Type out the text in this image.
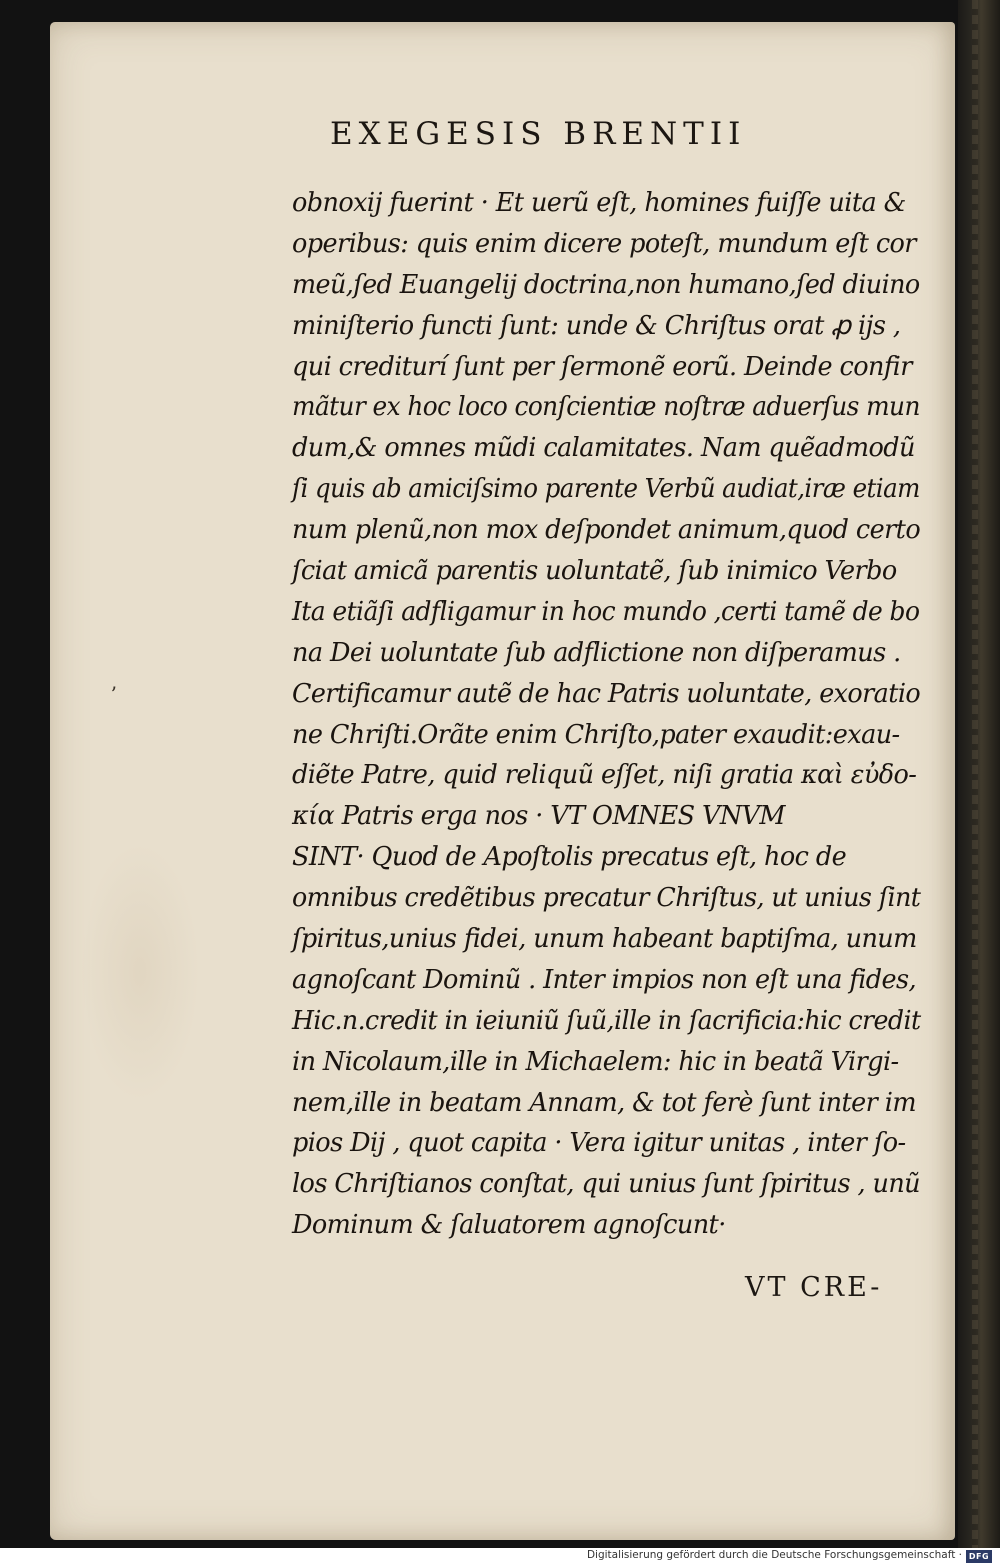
EXEGESIS BRENTII
obnoxij fuerint · Et uerũ eſt, homines fuiſſe uita &
operibus: quis enim dicere poteſt, mundum eſt cor
meũ,ſed Euangelij doctrina,non humano,ſed diuino
miniſterio functi ſunt: unde & Chriſtus orat ꝓ ijs ,
qui crediturí ſunt per ſermonẽ eorũ. Deinde confir
mãtur ex hoc loco conſcientiæ noſtræ aduerſus mun
dum,& omnes mũdi calamitates. Nam quẽadmodũ
ſi quis ab amiciſsimo parente Verbũ audiat,iræ etiam
num plenũ,non mox deſpondet animum,quod certo
ſciat amicã parentis uoluntatẽ, ſub inimico Verbo
Ita etiãſi adfligamur in hoc mundo ,certi tamẽ de bo
na Dei uoluntate ſub adflictione non diſperamus .
Certificamur autẽ de hac Patris uoluntate, exoratio
ne Chriſti.Orãte enim Chriſto,pater exaudit:exau-
diẽte Patre, quid reliquũ eſſet, niſi gratia καὶ εὐδο-
κία Patris erga nos · VT OMNES VNVM
SINT· Quod de Apoſtolis precatus eſt, hoc de
omnibus credẽtibus precatur Chriſtus, ut unius ſint
ſpiritus,unius fidei, unum habeant baptiſma, unum
agnoſcant Dominũ . Inter impios non eſt una fides,
Hic.n.credit in ieiuniũ ſuũ,ille in ſacrificia:hic credit
in Nicolaum,ille in Michaelem: hic in beatã Virgi-
nem,ille in beatam Annam, & tot ferè ſunt inter im
pios Dij , quot capita · Vera igitur unitas , inter ſo-
los Chriſtianos conſtat, qui unius ſunt ſpiritus , unũ
Dominum & ſaluatorem agnoſcunt·
VT CRE-
ʼ
Digitalisierung gefördert durch die Deutsche Forschungsgemeinschaft · DFG
